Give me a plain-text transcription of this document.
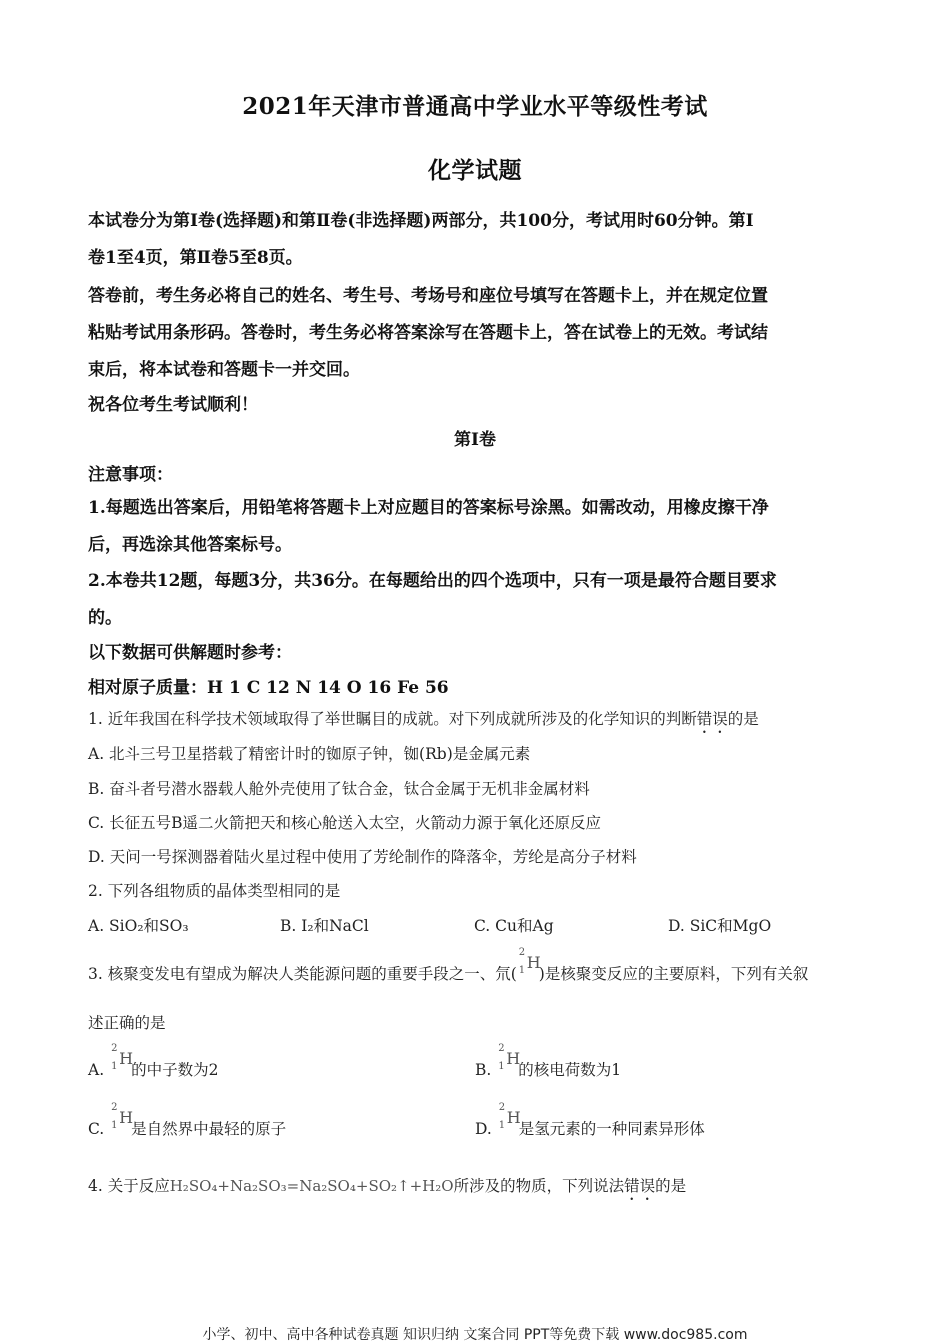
2021年天津市普通高中学业水平等级性考试
化学试题
本试卷分为第Ⅰ卷(选择题)和第Ⅱ卷(非选择题)两部分，共100分，考试用时60分钟。第Ⅰ
卷1至4页，第Ⅱ卷5至8页。
答卷前，考生务必将自己的姓名、考生号、考场号和座位号填写在答题卡上，并在规定位置
粘贴考试用条形码。答卷时，考生务必将答案涂写在答题卡上，答在试卷上的无效。考试结
束后，将本试卷和答题卡一并交回。
祝各位考生考试顺利！
第Ⅰ卷
注意事项：
1.每题选出答案后，用铅笔将答题卡上对应题目的答案标号涂黑。如需改动，用橡皮擦干净
后，再选涂其他答案标号。
2.本卷共12题，每题3分，共36分。在每题给出的四个选项中，只有一项是最符合题目要求
的。
以下数据可供解题时参考：
相对原子质量：H 1 C 12 N 14 O 16 Fe 56
1. 近年我国在科学技术领域取得了举世瞩目的成就。对下列成就所涉及的化学知识的判断错误的是
A. 北斗三号卫星搭载了精密计时的铷原子钟，铷(Rb)是金属元素
B. 奋斗者号潜水器载人舱外壳使用了钛合金，钛合金属于无机非金属材料
C. 长征五号B遥二火箭把天和核心舱送入太空，火箭动力源于氧化还原反应
D. 天问一号探测器着陆火星过程中使用了芳纶制作的降落伞，芳纶是高分子材料
2. 下列各组物质的晶体类型相同的是
A. SiO₂和SO₃	B. I₂和NaCl	C. Cu和Ag	D. SiC和MgO
3. 核聚变发电有望成为解决人类能源问题的重要手段之一、氘(
2
1 H
)是核聚变反应的主要原料，下列有关叙
述正确的是
A.
2
1 H
的中子数为2	B.
2
1 H
的核电荷数为1
C.
2
1 H
是自然界中最轻的原子	D.
2
1 H
是氢元素的一种同素异形体
4. 关于反应H₂SO₄+Na₂SO₃=Na₂SO₄+SO₂↑+H₂O所涉及的物质，下列说法错误的是
小学、初中、高中各种试卷真题 知识归纳 文案合同 PPT等免费下载 www.doc985.com
